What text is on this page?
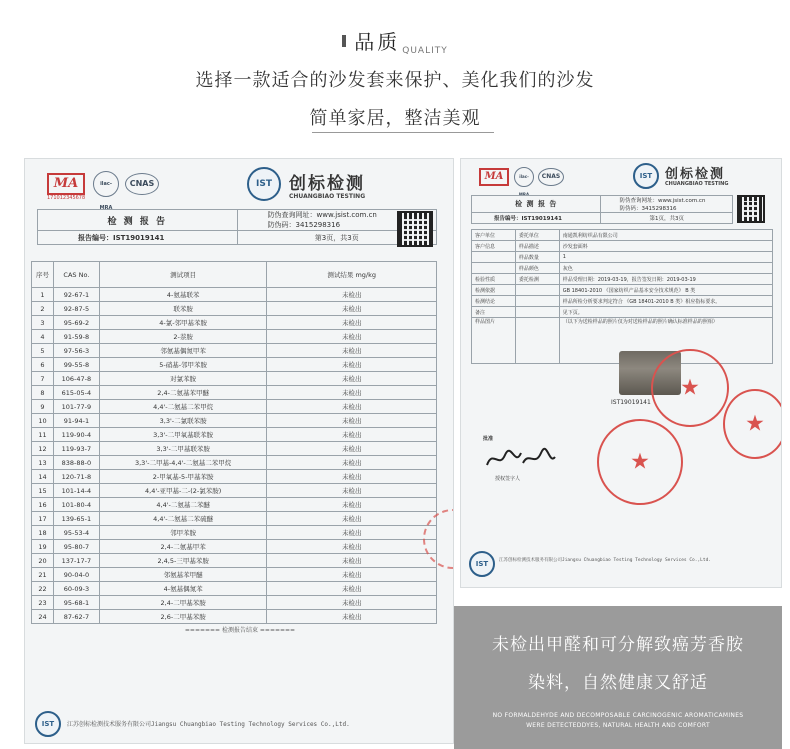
品质 $_{QUALITY}$
选择一款适合的沙发套来保护、美化我们的沙发
简单家居，整洁美观
MA	ilac-MRA
CNAS
171012345678
IST	创标检测
CHUANGBIAO TESTING
检 测 报 告	防伪查询网址：www.jsist.com.cn
防伪码：3415298316
报告编号：IST19019141	第3页，共3页
序号	CAS No.	测试项目	测试结果 mg/kg
1	92-67-1	4-氨基联苯	未检出
2	92-87-5	联苯胺	未检出
3	95-69-2	4-氯-邻甲基苯胺	未检出
4	91-59-8	2-萘胺	未检出
5	97-56-3	邻氨基偶氮甲苯	未检出
6	99-55-8	5-硝基-邻甲苯胺	未检出
7	106-47-8	对氯苯胺	未检出
8	615-05-4	2,4-二氨基苯甲醚	未检出
9	101-77-9	4,4'-二氨基二苯甲烷	未检出
10	91-94-1	3,3'-二氯联苯胺	未检出
11	119-90-4	3,3'-二甲氧基联苯胺	未检出
12	119-93-7	3,3'-二甲基联苯胺	未检出
13	838-88-0	3,3'-二甲基-4,4'-二氨基二苯甲烷	未检出
14	120-71-8	2-甲氧基-5-甲基苯胺	未检出
15	101-14-4	4,4'-亚甲基-二-(2-氯苯胺)	未检出
16	101-80-4	4,4'-二氨基二苯醚	未检出
17	139-65-1	4,4'-二氨基二苯硫醚	未检出
18	95-53-4	邻甲苯胺	未检出
19	95-80-7	2,4-二氨基甲苯	未检出
20	137-17-7	2,4,5-三甲基苯胺	未检出
21	90-04-0	邻氨基苯甲醚	未检出
22	60-09-3	4-氨基偶氮苯	未检出
23	95-68-1	2,4-二甲基苯胺	未检出
24	87-62-7	2,6-二甲基苯胺	未检出
======= 检测报告结束 =======
IST	江苏创标检测技术服务有限公司Jiangsu Chuangbiao Testing Technology Services Co.,Ltd.
MA	ilac-MRA
CNAS	IST 创标检测
CHUANGBIAO TESTING
检 测 报 告	防伪查询网址：www.jsist.com.cn
防伪码：3415298316
报告编号：IST19019141	第1页，共3页
客户单位	委托单位	南通凯利纺织品有限公司
客户信息	样品描述	沙发套面料
	样品数量	1
	样品颜色	灰色
检验性质	委托检测	样品受理日期：2019-03-19，报告签发日期：2019-03-19
检测依据		GB 18401-2010 《国家纺织产品基本安全技术规范》 B 类
检测结论		样品所检分析要求判定符合 《GB 18401-2010 B 类》相应指标要求。
备注		见下页。
样品图片		（以下为送检样品的照片仅为对送检样品的照片确认标准样品的照相）
IST19019141
★
★
★
批准
授权签字人
IST	江苏创标检测技术服务有限公司Jiangsu Chuangbiao Testing Technology Services Co.,Ltd.
未检出甲醛和可分解致癌芳香胺
染料，自然健康又舒适
NO FORMALDEHYDE AND DECOMPOSABLE CARCINOGENIC AROMATICAMINES
WERE DETECTEDDYES, NATURAL HEALTH AND COMFORT
